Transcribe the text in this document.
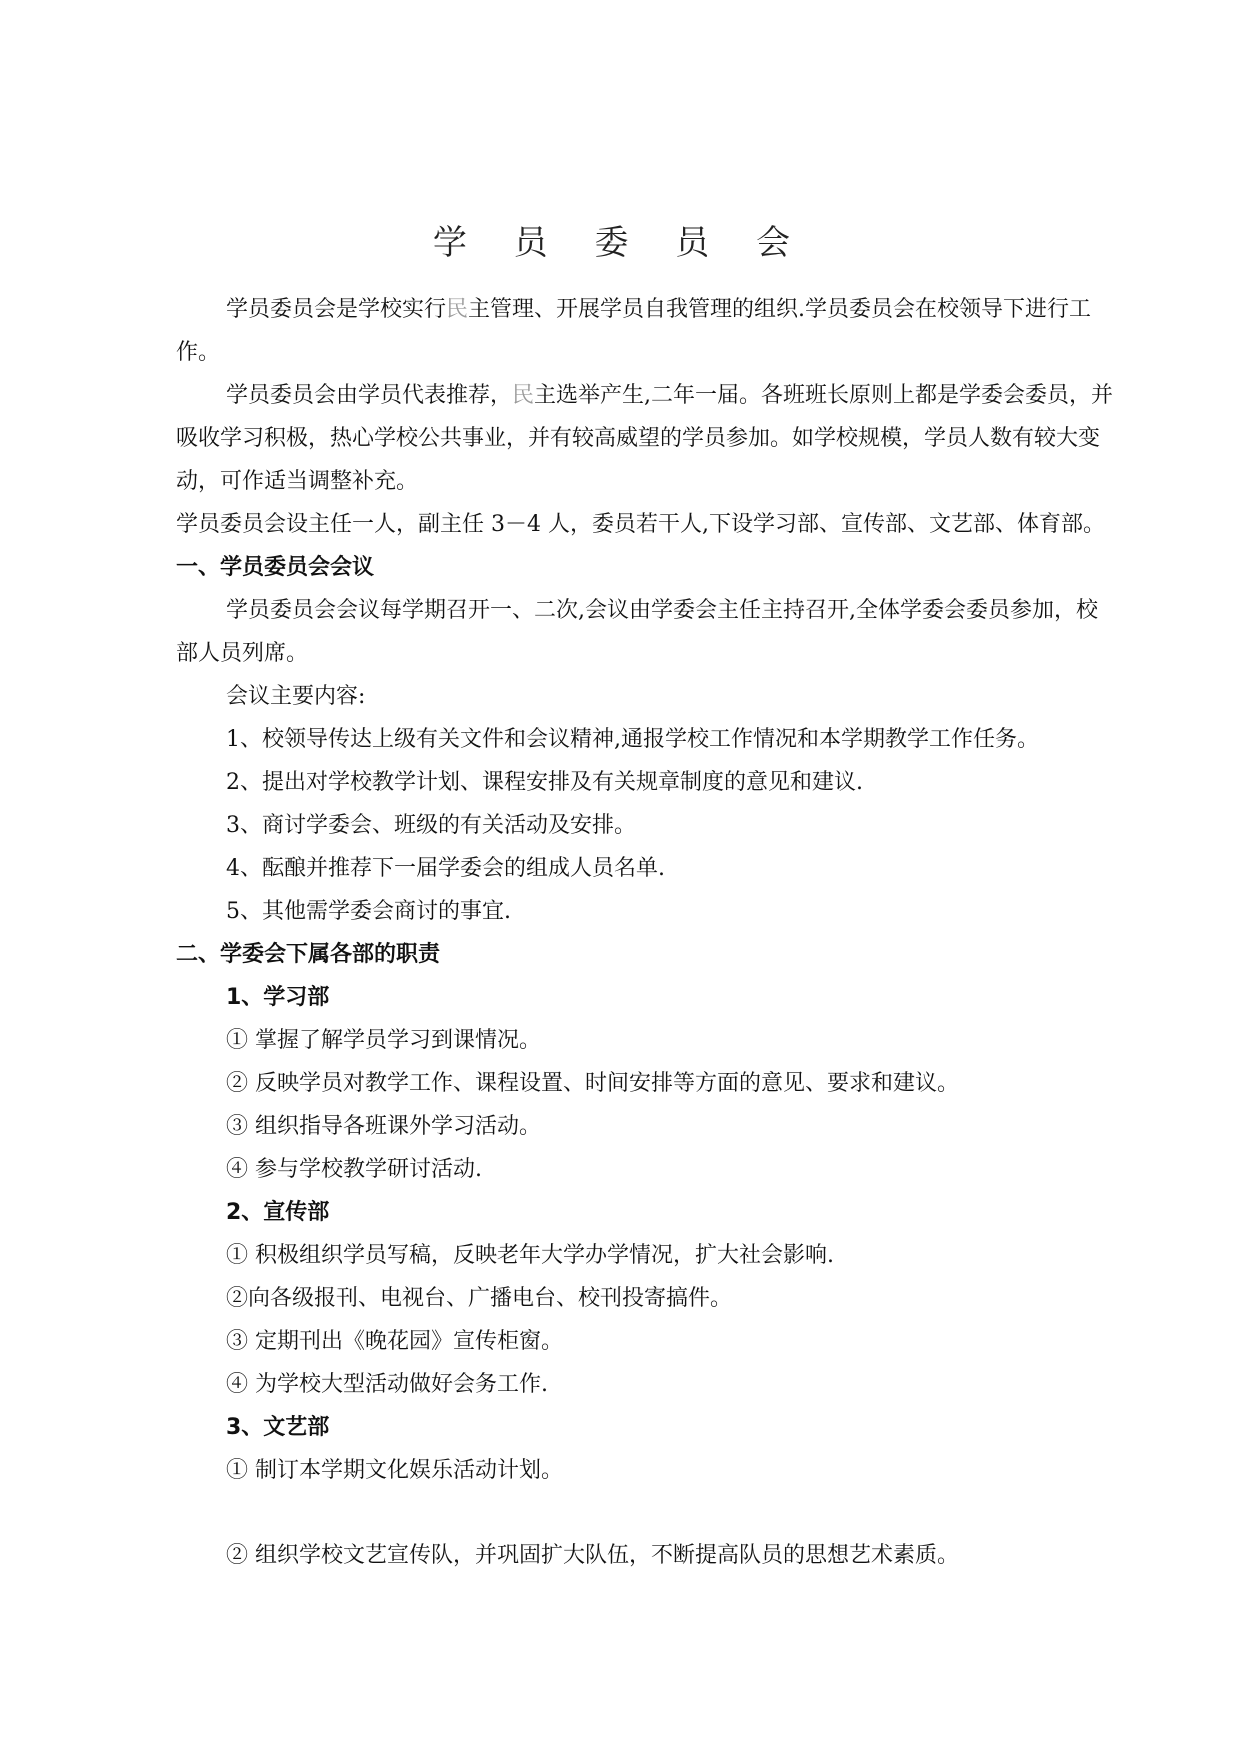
学 员 委 员 会

学员委员会是学校实行民主管理、开展学员自我管理的组织.学员委员会在校领导下进行工作。

学员委员会由学员代表推荐，民主选举产生,二年一届。各班班长原则上都是学委会委员，并吸收学习积极，热心学校公共事业，并有较高威望的学员参加。如学校规模，学员人数有较大变动，可作适当调整补充。

学员委员会设主任一人，副主任 3－4 人，委员若干人,下设学习部、宣传部、文艺部、体育部。

一、学员委员会会议

学员委员会会议每学期召开一、二次,会议由学委会主任主持召开,全体学委会委员参加，校部人员列席。

会议主要内容:

1、校领导传达上级有关文件和会议精神,通报学校工作情况和本学期教学工作任务。

2、提出对学校教学计划、课程安排及有关规章制度的意见和建议.

3、商讨学委会、班级的有关活动及安排。

4、酝酿并推荐下一届学委会的组成人员名单.

5、其他需学委会商讨的事宜.

二、学委会下属各部的职责

1、学习部

① 掌握了解学员学习到课情况。

② 反映学员对教学工作、课程设置、时间安排等方面的意见、要求和建议。

③ 组织指导各班课外学习活动。

④ 参与学校教学研讨活动.

2、宣传部

① 积极组织学员写稿，反映老年大学办学情况，扩大社会影响.

②向各级报刊、电视台、广播电台、校刊投寄搞件。

③ 定期刊出《晚花园》宣传柜窗。

④ 为学校大型活动做好会务工作.

3、文艺部

① 制订本学期文化娱乐活动计划。

② 组织学校文艺宣传队，并巩固扩大队伍，不断提高队员的思想艺术素质。
